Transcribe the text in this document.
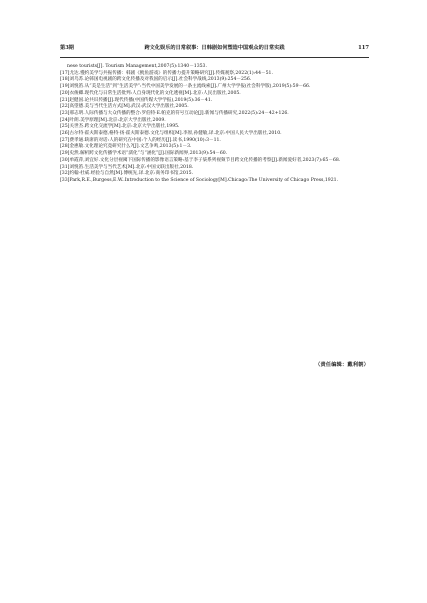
第3期	跨文化娱乐的日常叙事：日韩剧如何塑造中国观众的日常实践	117
nese tourists[J]. Tourism Management,2007(5):1340－1353.
[17] 尤达.慢约美学与共振传播：韩剧《鱿鱼游戏》的传播力提升策略研究[J].传媒观察,2022(1):44－51.
[18] 刘乌苏.论韩国电视剧的跨文化传播及对我国的启示[J].社会科学战线,2013(9):254－256.
[19] 刘悦笛.从“美是生活”到“生活美学”:当代中国美学发展的一条主流线索[J].广州大学学报(社会科学版),2019(5):59－66.
[20] 衣俊卿.现代化与日常生活批判:人自身现代化的文化透视[M].北京:人民出版社,2005.
[21] 赵健国.论共识传播[J].现代传播(中国传媒大学学报),2019(5):36－41.
[22] 高望德.美与当代生活方式[M].武汉:武汉大学出版社,2005.
[23] 邢志明.人际传播与大众传播的整合:罗伯特·E.帕克的符号互动论[J].新闻与传播研究,2022(5):24－42+126.
[24] 叶朗.美学原理[M].北京:北京大学出版社,2009.
[25] 关世杰.跨文化交流学[M].北京:北京大学出版社,1995.
[26] 古尔特·霍夫斯泰德,格特·扬·霍夫斯泰德.文化与组织[M].李原,孙健敏,译.北京:中国人民大学出版社,2010.
[27] 费孝通.缺席的对话:人的研究在中国:个人的经历[J].读书,1990(10):3－11.
[28] 金惠敏.文化理论究竟研究什么?[J].文艺争鸣,2013(5):1－3.
[29] 史然.解析跨文化传播学术语“濡化”与“涵化”[J].国际新闻界,2013(9):54－60.
[30] 单霞萍,刘宜好.文化分层视阈下国际传播的影像语言策略:基于李子柒系列视频节目跨文化传播的考察[J].新闻爱好者,2023(7):65－68.
[31] 刘悦笛.生活美学与当代艺术[M].北京:中国文联出版社,2018.
[32] 约翰·杜威.经验与自然[M].傅统先,译.北京:商务印书馆,2015.
[33] Park,R.E.,Burgess,E.W..Introduction to the Science of Sociology[M].Chicago:The University of Chicago Press,1921.
（责任编辑：戴利朝）
